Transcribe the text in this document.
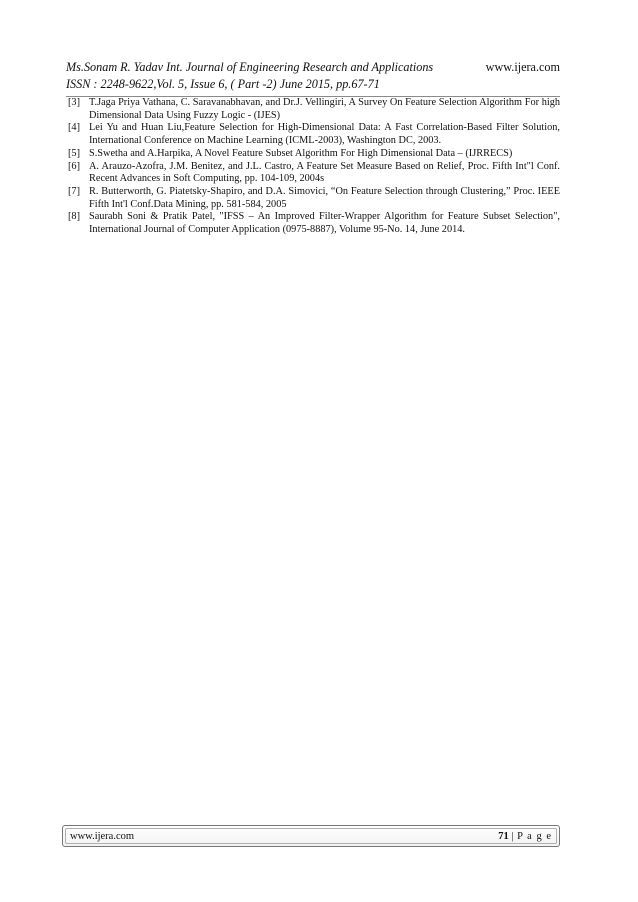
Ms.Sonam R. Yadav Int. Journal of Engineering Research and Applications	www.ijera.com
ISSN : 2248-9622,Vol. 5, Issue 6, ( Part -2) June 2015, pp.67-71
[3] T.Jaga Priya Vathana, C. Saravanabhavan, and Dr.J. Vellingiri, A Survey On Feature Selection Algorithm For high Dimensional Data Using Fuzzy Logic - (IJES)
[4] Lei Yu and Huan Liu,Feature Selection for High-Dimensional Data: A Fast Correlation-Based Filter Solution, International Conference on Machine Learning (ICML-2003), Washington DC, 2003.
[5] S.Swetha and A.Harpika, A Novel Feature Subset Algorithm For High Dimensional Data – (IJRRECS)
[6] A. Arauzo-Azofra, J.M. Benitez, and J.L. Castro, A Feature Set Measure Based on Relief, Proc. Fifth Int"l Conf. Recent Advances in Soft Computing, pp. 104-109, 2004s
[7] R. Butterworth, G. Piatetsky-Shapiro, and D.A. Simovici, “On Feature Selection through Clustering,” Proc. IEEE Fifth Int'l Conf.Data Mining, pp. 581-584, 2005
[8] Saurabh Soni & Pratik Patel, "IFSS – An Improved Filter-Wrapper Algorithm for Feature Subset Selection", International Journal of Computer Application (0975-8887), Volume 95-No. 14, June 2014.
www.ijera.com	71 | P a g e
